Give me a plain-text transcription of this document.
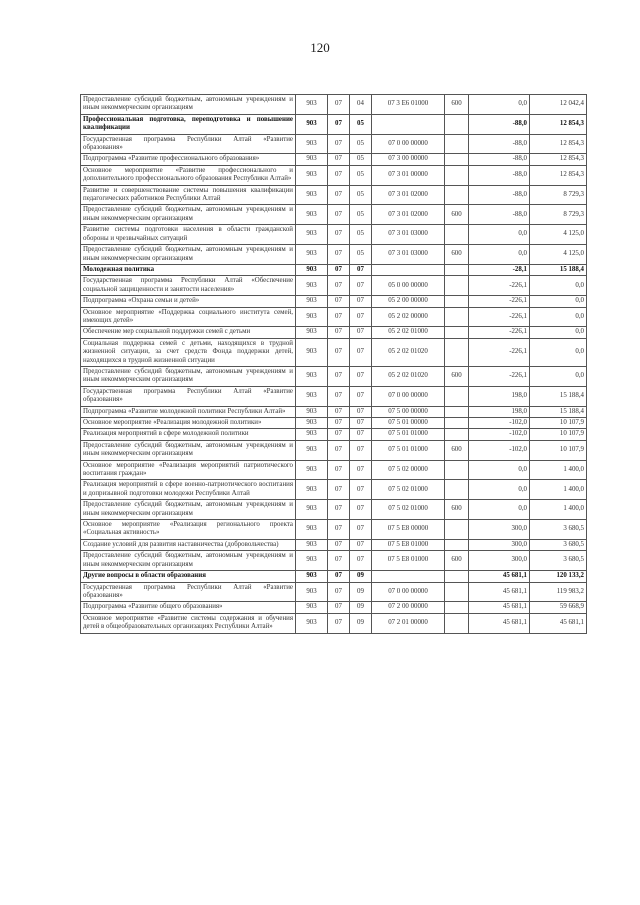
120
Предоставление субсидий бюджетным, автономным учреждениям и иным некоммерческим организациям	903	07	04	07 3 Е6 01000	600	0,0	12 042,4
Профессиональная подготовка, переподготовка и повышение квалификации	903	07	05			-88,0	12 854,3
Государственная программа Республики Алтай «Развитие образования»	903	07	05	07 0 00 00000		-88,0	12 854,3
Подпрограмма «Развитие профессионального образования»	903	07	05	07 3 00 00000		-88,0	12 854,3
Основное мероприятие «Развитие профессионального и дополнительного профессионального образования Республики Алтай»	903	07	05	07 3 01 00000		-88,0	12 854,3
Развитие и совершенствование системы повышения квалификации педагогических работников Республики Алтай	903	07	05	07 3 01 02000		-88,0	8 729,3
Предоставление субсидий бюджетным, автономным учреждениям и иным некоммерческим организациям	903	07	05	07 3 01 02000	600	-88,0	8 729,3
Развитие системы подготовки населения в области гражданской обороны и чрезвычайных ситуаций	903	07	05	07 3 01 03000		0,0	4 125,0
Предоставление субсидий бюджетным, автономным учреждениям и иным некоммерческим организациям	903	07	05	07 3 01 03000	600	0,0	4 125,0
Молодежная политика	903	07	07			-28,1	15 188,4
Государственная программа Республики Алтай «Обеспечение социальной защищенности и занятости населения»	903	07	07	05 0 00 00000		-226,1	0,0
Подпрограмма «Охрана семьи и детей»	903	07	07	05 2 00 00000		-226,1	0,0
Основное мероприятие «Поддержка социального института семей, имеющих детей»	903	07	07	05 2 02 00000		-226,1	0,0
Обеспечение мер социальной поддержки семей с детьми	903	07	07	05 2 02 01000		-226,1	0,0
Социальная поддержка семей с детьми, находящихся в трудной жизненной ситуации, за счет средств Фонда поддержки детей, находящихся в трудной жизненной ситуации	903	07	07	05 2 02 01020		-226,1	0,0
Предоставление субсидий бюджетным, автономным учреждениям и иным некоммерческим организациям	903	07	07	05 2 02 01020	600	-226,1	0,0
Государственная программа Республики Алтай «Развитие образования»	903	07	07	07 0 00 00000		198,0	15 188,4
Подпрограмма «Развитие молодежной политики Республики Алтай»	903	07	07	07 5 00 00000		198,0	15 188,4
Основное мероприятие «Реализация молодежной политики»	903	07	07	07 5 01 00000		-102,0	10 107,9
Реализация мероприятий в сфере молодежной политики	903	07	07	07 5 01 01000		-102,0	10 107,9
Предоставление субсидий бюджетным, автономным учреждениям и иным некоммерческим организациям	903	07	07	07 5 01 01000	600	-102,0	10 107,9
Основное мероприятие «Реализация мероприятий патриотического воспитания граждан»	903	07	07	07 5 02 00000		0,0	1 400,0
Реализация мероприятий в сфере военно-патриотического воспитания и допризывной подготовки молодежи Республики Алтай	903	07	07	07 5 02 01000		0,0	1 400,0
Предоставление субсидий бюджетным, автономным учреждениям и иным некоммерческим организациям	903	07	07	07 5 02 01000	600	0,0	1 400,0
Основное мероприятие «Реализация регионального проекта «Социальная активность»	903	07	07	07 5 Е8 00000		300,0	3 680,5
Создание условий для развития наставничества (добровольчества)	903	07	07	07 5 Е8 01000		300,0	3 680,5
Предоставление субсидий бюджетным, автономным учреждениям и иным некоммерческим организациям	903	07	07	07 5 Е8 01000	600	300,0	3 680,5
Другие вопросы в области образования	903	07	09			45 681,1	120 133,2
Государственная программа Республики Алтай «Развитие образования»	903	07	09	07 0 00 00000		45 681,1	119 983,2
Подпрограмма «Развитие общего образования»	903	07	09	07 2 00 00000		45 681,1	59 668,9
Основное мероприятие «Развитие системы содержания и обучения детей в общеобразовательных организациях Республики Алтай»	903	07	09	07 2 01 00000		45 681,1	45 681,1
